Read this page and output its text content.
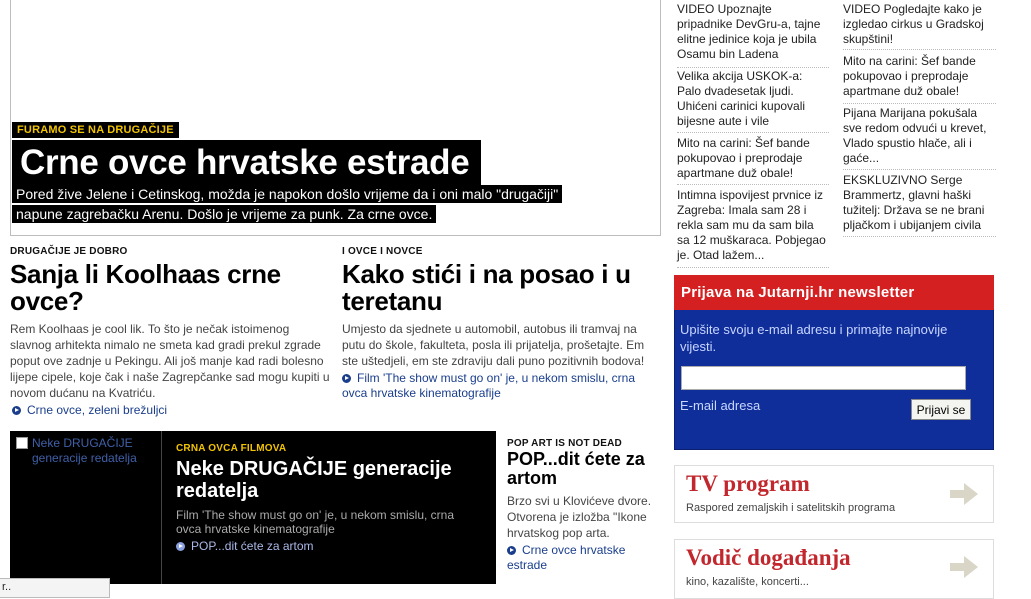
FURAMO SE NA DRUGAČIJE
Crne ovce hrvatske estrade
Pored žive Jelene i Cetinskog, možda je napokon došlo vrijeme da i oni malo "drugačiji" napune zagrebačku Arenu. Došlo je vrijeme za punk. Za crne ovce.
DRUGAČIJE JE DOBRO
Sanja li Koolhaas crne ovce?
Rem Koolhaas je cool lik. To što je nečak istoimenog slavnog arhitekta nimalo ne smeta kad gradi prekul zgrade poput ove zadnje u Pekingu. Ali još manje kad radi bolesno lijepe cipele, koje čak i naše Zagrepčanke sad mogu kupiti u novom dućanu na Kvatriću.
Crne ovce, zeleni brežuljci
I OVCE I NOVCE
Kako stići i na posao i u teretanu
Umjesto da sjednete u automobil, autobus ili tramvaj na putu do škole, fakulteta, posla ili prijatelja, prošetajte. Em ste uštedjeli, em ste zdraviju dali puno pozitivnih bodova!
Film 'The show must go on' je, u nekom smislu, crna ovca hrvatske kinematografije
Neke DRUGAČIJE generacije redatelja
CRNA OVCA FILMOVA
Neke DRUGAČIJE generacije redatelja
Film 'The show must go on' je, u nekom smislu, crna ovca hrvatske kinematografije
POP...dit ćete za artom
POP ART IS NOT DEAD
POP...dit ćete za artom
Brzo svi u Klovićeve dvore. Otvorena je izložba "Ikone hrvatskog pop arta.
Crne ovce hrvatske estrade
VIDEO Upoznajte pripadnike DevGru-a, tajne elitne jedinice koja je ubila Osamu bin Ladena
Velika akcija USKOK-a: Palo dvadesetak ljudi. Uhićeni carinici kupovali bijesne aute i vile
Mito na carini: Šef bande pokupovao i preprodaje apartmane duž obale!
Intimna ispovijest prvnice iz Zagreba: Imala sam 28 i rekla sam mu da sam bila sa 12 muškaraca. Pobjegao je. Otad lažem...
VIDEO Pogledajte kako je izgledao cirkus u Gradskoj skupštini!
Mito na carini: Šef bande pokupovao i preprodaje apartmane duž obale!
Pijana Marijana pokušala sve redom odvući u krevet, Vlado spustio hlače, ali i gaće...
EKSKLUZIVNO Serge Brammertz, glavni haški tužitelj: Država se ne brani pljačkom i ubijanjem civila
Prijava na Jutarnji.hr newsletter
Upišite svoju e-mail adresu i primajte najnovije vijesti.
E-mail adresa	Prijavi se
TV program
Raspored zemaljskih i satelitskih programa
Vodič događanja
kino, kazalište, koncerti...
r..
